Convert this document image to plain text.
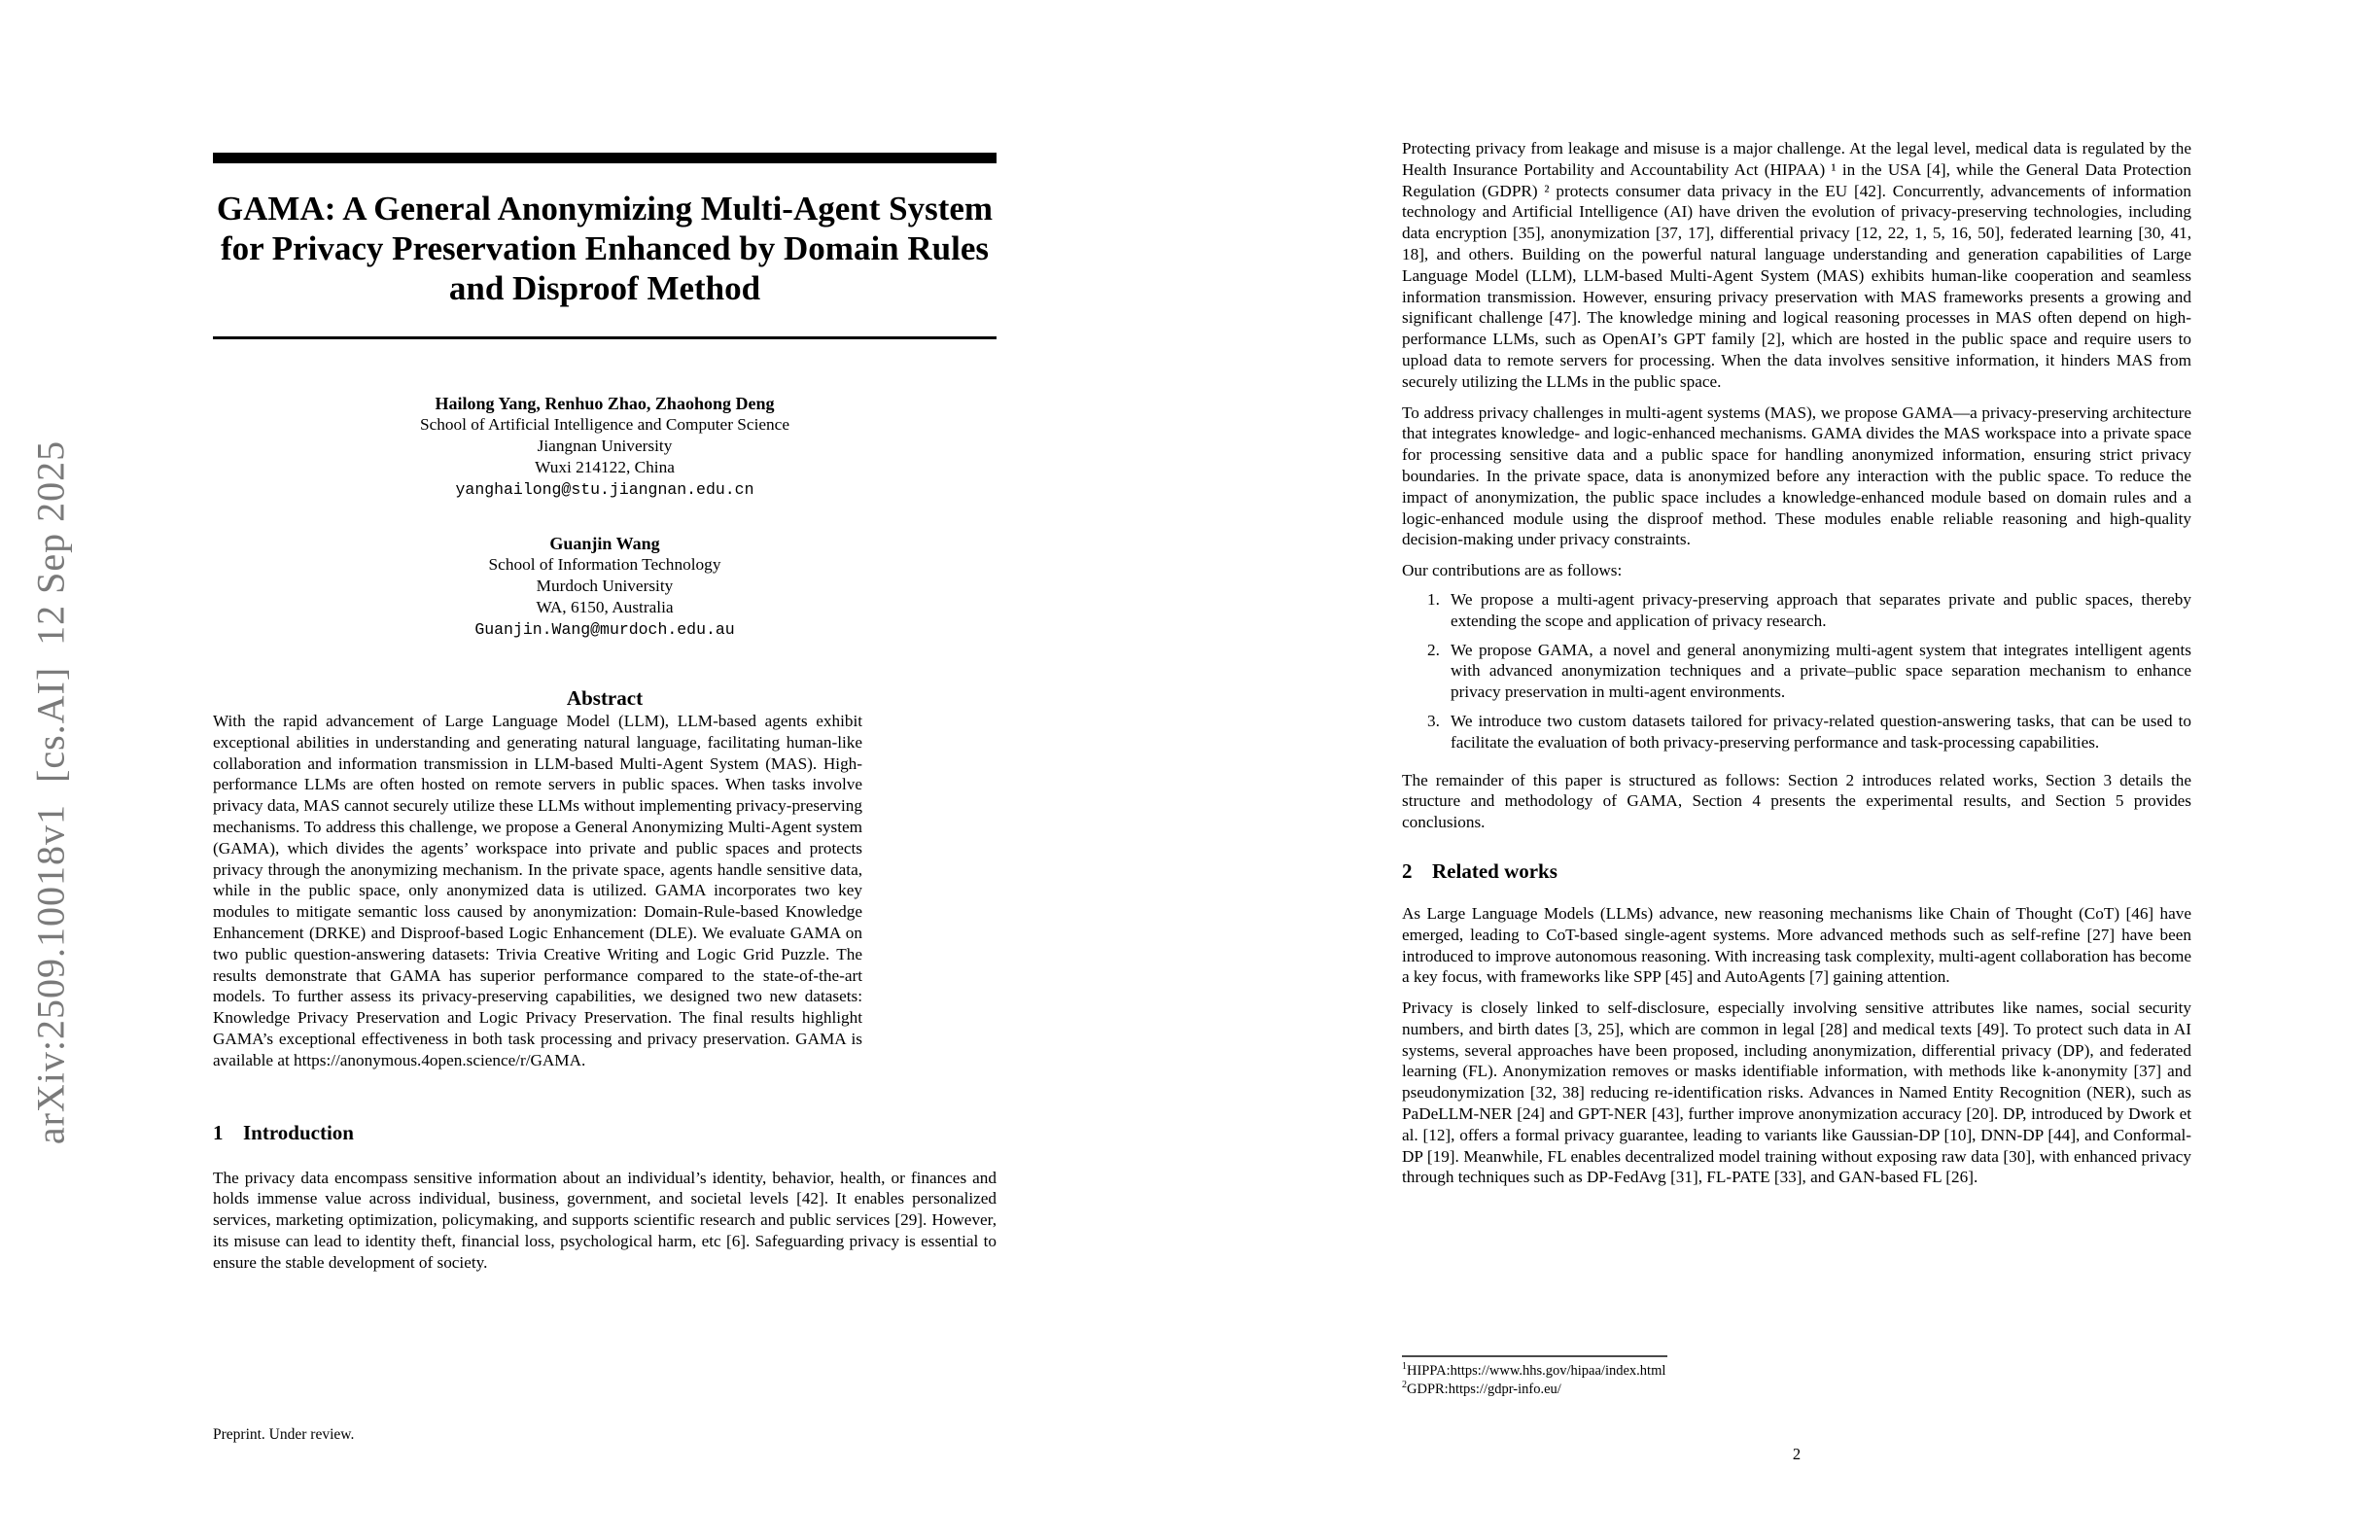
arXiv:2509.10018v1  [cs.AI]  12 Sep 2025
GAMA: A General Anonymizing Multi-Agent System
for Privacy Preservation Enhanced by Domain Rules
and Disproof Method
Hailong Yang, Renhuo Zhao, Zhaohong Deng
School of Artificial Intelligence and Computer Science
Jiangnan University
Wuxi 214122, China
yanghailong@stu.jiangnan.edu.cn
Guanjin Wang
School of Information Technology
Murdoch University
WA, 6150, Australia
Guanjin.Wang@murdoch.edu.au
Abstract

With the rapid advancement of Large Language Model (LLM), LLM-based agents exhibit exceptional abilities in understanding and generating natural language, facilitating human-like collaboration and information transmission in LLM-based Multi-Agent System (MAS). High-performance LLMs are often hosted on remote servers in public spaces. When tasks involve privacy data, MAS cannot securely utilize these LLMs without implementing privacy-preserving mechanisms. To address this challenge, we propose a General Anonymizing Multi-Agent system (GAMA), which divides the agents’ workspace into private and public spaces and protects privacy through the anonymizing mechanism. In the private space, agents handle sensitive data, while in the public space, only anonymized data is utilized. GAMA incorporates two key modules to mitigate semantic loss caused by anonymization: Domain-Rule-based Knowledge Enhancement (DRKE) and Disproof-based Logic Enhancement (DLE). We evaluate GAMA on two public question-answering datasets: Trivia Creative Writing and Logic Grid Puzzle. The results demonstrate that GAMA has superior performance compared to the state-of-the-art models. To further assess its privacy-preserving capabilities, we designed two new datasets: Knowledge Privacy Preservation and Logic Privacy Preservation. The final results highlight GAMA’s exceptional effectiveness in both task processing and privacy preservation. GAMA is available at https://anonymous.4open.science/r/GAMA.

1 Introduction

The privacy data encompass sensitive information about an individual’s identity, behavior, health, or finances and holds immense value across individual, business, government, and societal levels [42]. It enables personalized services, marketing optimization, policymaking, and supports scientific research and public services [29]. However, its misuse can lead to identity theft, financial loss, psychological harm, etc [6]. Safeguarding privacy is essential to ensure the stable development of society.

Preprint. Under review.

Protecting privacy from leakage and misuse is a major challenge. At the legal level, medical data is regulated by the Health Insurance Portability and Accountability Act (HIPAA) ¹ in the USA [4], while the General Data Protection Regulation (GDPR) ² protects consumer data privacy in the EU [42]. Concurrently, advancements of information technology and Artificial Intelligence (AI) have driven the evolution of privacy-preserving technologies, including data encryption [35], anonymization [37, 17], differential privacy [12, 22, 1, 5, 16, 50], federated learning [30, 41, 18], and others. Building on the powerful natural language understanding and generation capabilities of Large Language Model (LLM), LLM-based Multi-Agent System (MAS) exhibits human-like cooperation and seamless information transmission. However, ensuring privacy preservation with MAS frameworks presents a growing and significant challenge [47]. The knowledge mining and logical reasoning processes in MAS often depend on high-performance LLMs, such as OpenAI’s GPT family [2], which are hosted in the public space and require users to upload data to remote servers for processing. When the data involves sensitive information, it hinders MAS from securely utilizing the LLMs in the public space.

To address privacy challenges in multi-agent systems (MAS), we propose GAMA—a privacy-preserving architecture that integrates knowledge- and logic-enhanced mechanisms. GAMA divides the MAS workspace into a private space for processing sensitive data and a public space for handling anonymized information, ensuring strict privacy boundaries. In the private space, data is anonymized before any interaction with the public space. To reduce the impact of anonymization, the public space includes a knowledge-enhanced module based on domain rules and a logic-enhanced module using the disproof method. These modules enable reliable reasoning and high-quality decision-making under privacy constraints.

Our contributions are as follows:

1. We propose a multi-agent privacy-preserving approach that separates private and public spaces, thereby extending the scope and application of privacy research.
2. We propose GAMA, a novel and general anonymizing multi-agent system that integrates intelligent agents with advanced anonymization techniques and a private–public space separation mechanism to enhance privacy preservation in multi-agent environments.
3. We introduce two custom datasets tailored for privacy-related question-answering tasks, that can be used to facilitate the evaluation of both privacy-preserving performance and task-processing capabilities.

The remainder of this paper is structured as follows: Section 2 introduces related works, Section 3 details the structure and methodology of GAMA, Section 4 presents the experimental results, and Section 5 provides conclusions.

2 Related works

As Large Language Models (LLMs) advance, new reasoning mechanisms like Chain of Thought (CoT) [46] have emerged, leading to CoT-based single-agent systems. More advanced methods such as self-refine [27] have been introduced to improve autonomous reasoning. With increasing task complexity, multi-agent collaboration has become a key focus, with frameworks like SPP [45] and AutoAgents [7] gaining attention.

Privacy is closely linked to self-disclosure, especially involving sensitive attributes like names, social security numbers, and birth dates [3, 25], which are common in legal [28] and medical texts [49]. To protect such data in AI systems, several approaches have been proposed, including anonymization, differential privacy (DP), and federated learning (FL). Anonymization removes or masks identifiable information, with methods like k-anonymity [37] and pseudonymization [32, 38] reducing re-identification risks. Advances in Named Entity Recognition (NER), such as PaDeLLM-NER [24] and GPT-NER [43], further improve anonymization accuracy [20]. DP, introduced by Dwork et al. [12], offers a formal privacy guarantee, leading to variants like Gaussian-DP [10], DNN-DP [44], and Conformal-DP [19]. Meanwhile, FL enables decentralized model training without exposing raw data [30], with enhanced privacy through techniques such as DP-FedAvg [31], FL-PATE [33], and GAN-based FL [26].

$^1$HIPPA:https://www.hhs.gov/hipaa/index.html
$^2$GDPR:https://gdpr-info.eu/
2
